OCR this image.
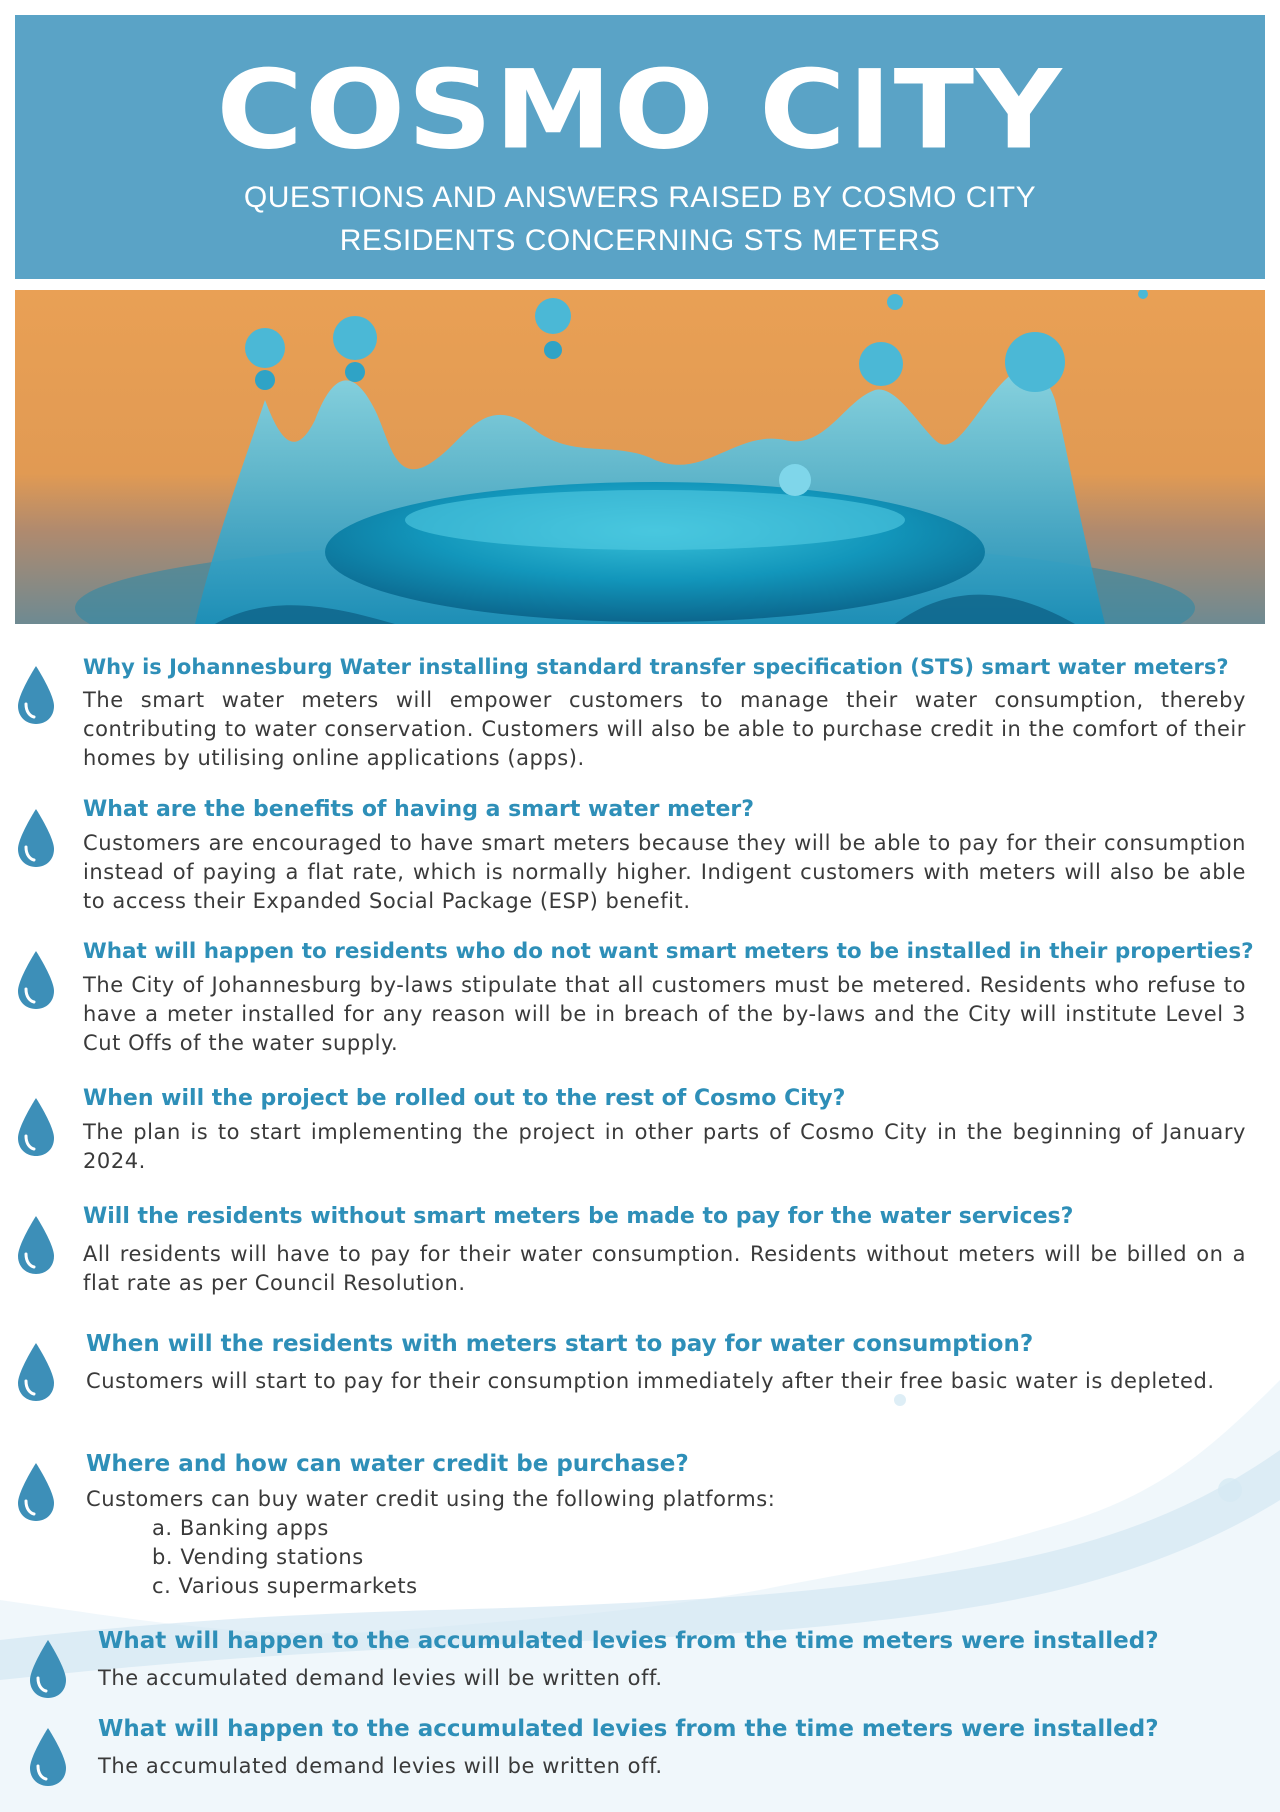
COSMO CITY
QUESTIONS AND ANSWERS RAISED BY COSMO CITY
RESIDENTS CONCERNING STS METERS
Why is Johannesburg Water installing standard transfer specification (STS) smart water meters?
The smart water meters will empower customers to manage their water consumption, thereby contributing to water conservation. Customers will also be able to purchase credit in the comfort of their homes by utilising online applications (apps).
What are the benefits of having a smart water meter?
Customers are encouraged to have smart meters because they will be able to pay for their consumption instead of paying a flat rate, which is normally higher. Indigent customers with meters will also be able to access their Expanded Social Package (ESP) benefit.
What will happen to residents who do not want smart meters to be installed in their properties?
The City of Johannesburg by-laws stipulate that all customers must be metered. Residents who refuse to have a meter installed for any reason will be in breach of the by-laws and the City will institute Level 3 Cut Offs of the water supply.
When will the project be rolled out to the rest of Cosmo City?
The plan is to start implementing the project in other parts of Cosmo City in the beginning of January 2024.
Will the residents without smart meters be made to pay for the water services?
All residents will have to pay for their water consumption. Residents without meters will be billed on a flat rate as per Council Resolution.
When will the residents with meters start to pay for water consumption?
Customers will start to pay for their consumption immediately after their free basic water is depleted.
Where and how can water credit be purchase?
Customers can buy water credit using the following platforms:
a. Banking apps
b. Vending stations
c. Various supermarkets
What will happen to the accumulated levies from the time meters were installed?
The accumulated demand levies will be written off.
What will happen to the accumulated levies from the time meters were installed?
The accumulated demand levies will be written off.
